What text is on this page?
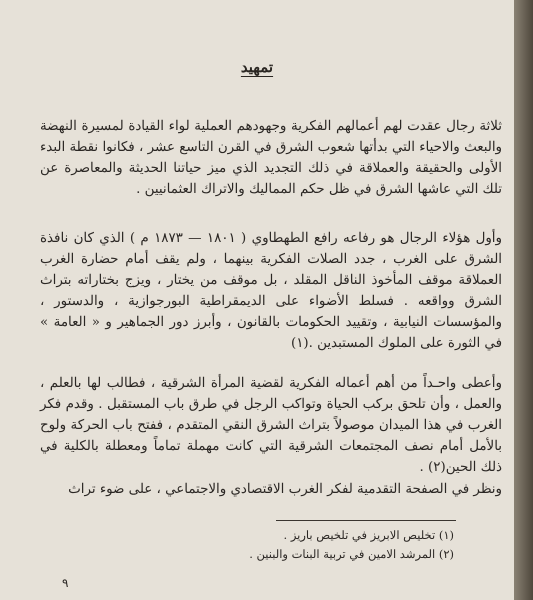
تمهيد

ثلاثة رجال عقدت لهم أعمالهم الفكرية وجهودهم العملية لواء القيادة لمسيرة النهضة والبعث والاحياء التي بدأتها شعوب الشرق في القرن التاسع عشر ، فكانوا نقطة البدء الأولى والحقيقة والعملاقة في ذلك التجديد الذي ميز حياتنا الحديثة والمعاصرة عن تلك التي عاشها الشرق في ظل حكم المماليك والاتراك العثمانيين .

وأول هؤلاء الرجال هو رفاعه رافع الطهطاوي ( ١٨٠١ — ١٨٧٣ م ) الذي كان نافذة الشرق على الغرب ، جدد الصلات الفكرية بينهما ، ولم يقف أمام حضارة الغرب العملاقة موقف المأخوذ الناقل المقلد ، بل موقف من يختار ، ويزج بختاراته بتراث الشرق وواقعه . فسلط الأضواء على الديمقراطية البورجوازية ، والدستور ، والمؤسسات النيابية ، وتقييد الحكومات بالقانون ، وأبرز دور الجماهير و « العامة » في الثورة على الملوك المستبدين .(١)

وأعطى واحـداً من أهم أعماله الفكرية لقضية المرأة الشرقية ، فطالب لها بالعلم ، والعمل ، وأن تلحق بركب الحياة وتواكب الرجل في طرق باب المستقبل . وقدم فكر الغرب في هذا الميدان موصولاً بتراث الشرق النقي المتقدم ، ففتح باب الحركة ولوح بالأمل أمام نصف المجتمعات الشرقية التي كانت مهملة تماماً ومعطلة بالكلية في ذلك الحين(٢) .

ونظر في الصفحة التقدمية لفكر الغرب الاقتصادي والاجتماعي ، على ضوء تراث

(١) تخليص الابريز في تلخيص باريز .
(٢) المرشد الامين في تربية البنات والبنين .
٩
